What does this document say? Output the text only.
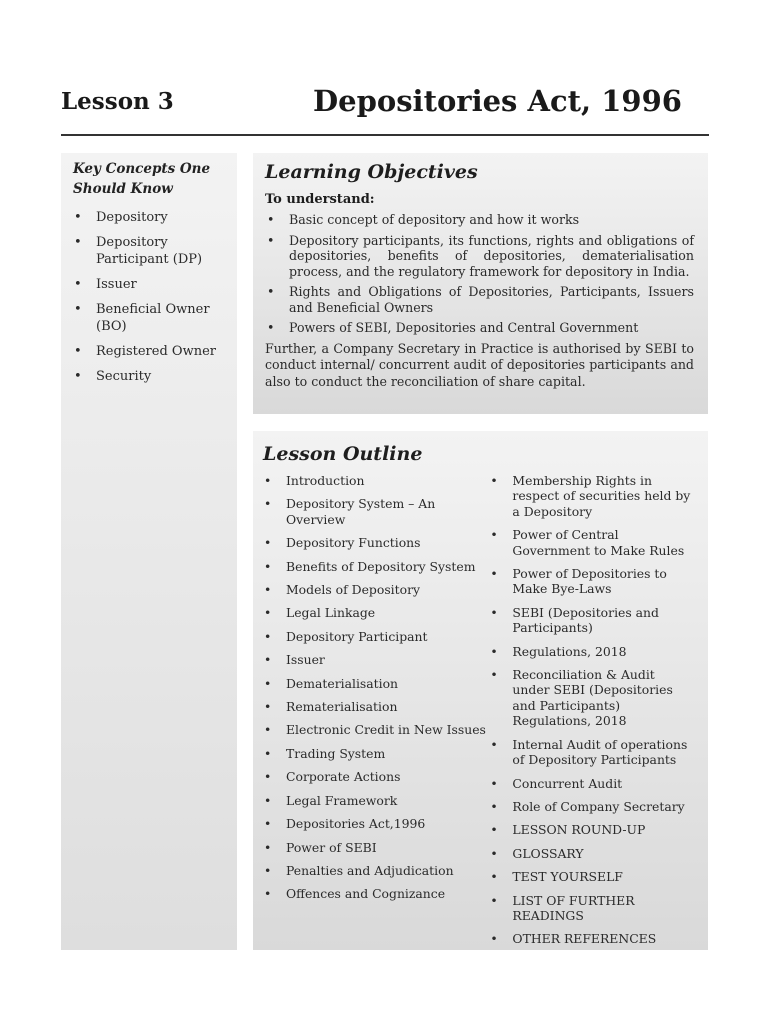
Lesson 3	Depositories Act, 1996
Key Concepts One Should Know
• Depository
• Depository Participant (DP)
• Issuer
• Beneficial Owner (BO)
• Registered Owner
• Security
Learning Objectives
To understand:
• Basic concept of depository and how it works
• Depository participants, its functions, rights and obligations of depositories, benefits of depositories, dematerialisation process, and the regulatory framework for depository in India.
• Rights and Obligations of Depositories, Participants, Issuers and Beneficial Owners
• Powers of SEBI, Depositories and Central Government

Further, a Company Secretary in Practice is authorised by SEBI to conduct internal/ concurrent audit of depositories participants and also to conduct the reconciliation of share capital.

Lesson Outline
• Introduction
• Depository System – An Overview
• Depository Functions
• Benefits of Depository System
• Models of Depository
• Legal Linkage
• Depository Participant
• Issuer
• Dematerialisation
• Rematerialisation
• Electronic Credit in New Issues
• Trading System
• Corporate Actions
• Legal Framework
• Depositories Act,1996
• Power of SEBI
• Penalties and Adjudication
• Offences and Cognizance
• Membership Rights in respect of securities held by a Depository
• Power of Central Government to Make Rules
• Power of Depositories to Make Bye-Laws
• SEBI (Depositories and Participants)
• Regulations, 2018
• Reconciliation & Audit under SEBI (Depositories and Participants) Regulations, 2018
• Internal Audit of operations of Depository Participants
• Concurrent Audit
• Role of Company Secretary
• LESSON ROUND-UP
• GLOSSARY
• TEST YOURSELF
• LIST OF FURTHER READINGS
• OTHER REFERENCES
